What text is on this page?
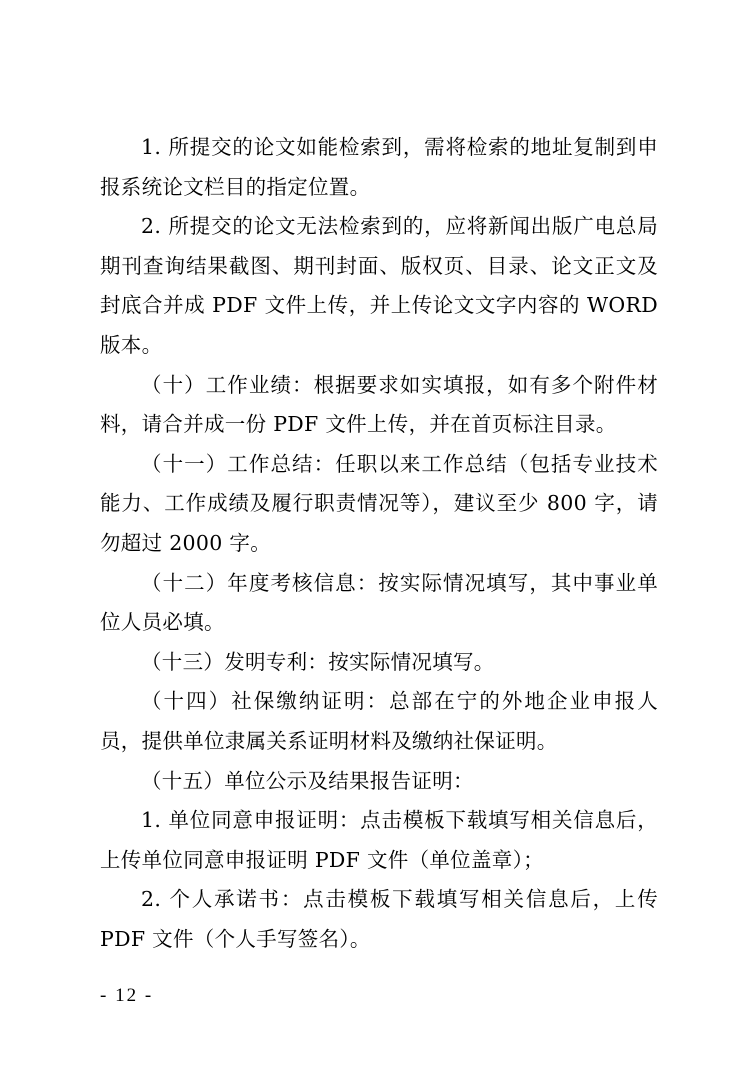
1. 所提交的论文如能检索到，需将检索的地址复制到申报系统论文栏目的指定位置。

2. 所提交的论文无法检索到的，应将新闻出版广电总局期刊查询结果截图、期刊封面、版权页、目录、论文正文及封底合并成 PDF 文件上传，并上传论文文字内容的 WORD 版本。

（十）工作业绩：根据要求如实填报，如有多个附件材料，请合并成一份 PDF 文件上传，并在首页标注目录。

（十一）工作总结：任职以来工作总结（包括专业技术能力、工作成绩及履行职责情况等），建议至少 800 字，请勿超过 2000 字。

（十二）年度考核信息：按实际情况填写，其中事业单位人员必填。

（十三）发明专利：按实际情况填写。

（十四）社保缴纳证明：总部在宁的外地企业申报人员，提供单位隶属关系证明材料及缴纳社保证明。

（十五）单位公示及结果报告证明：

1. 单位同意申报证明：点击模板下载填写相关信息后，上传单位同意申报证明 PDF 文件（单位盖章）；

2. 个人承诺书：点击模板下载填写相关信息后，上传 PDF 文件（个人手写签名）。

- 12 -
